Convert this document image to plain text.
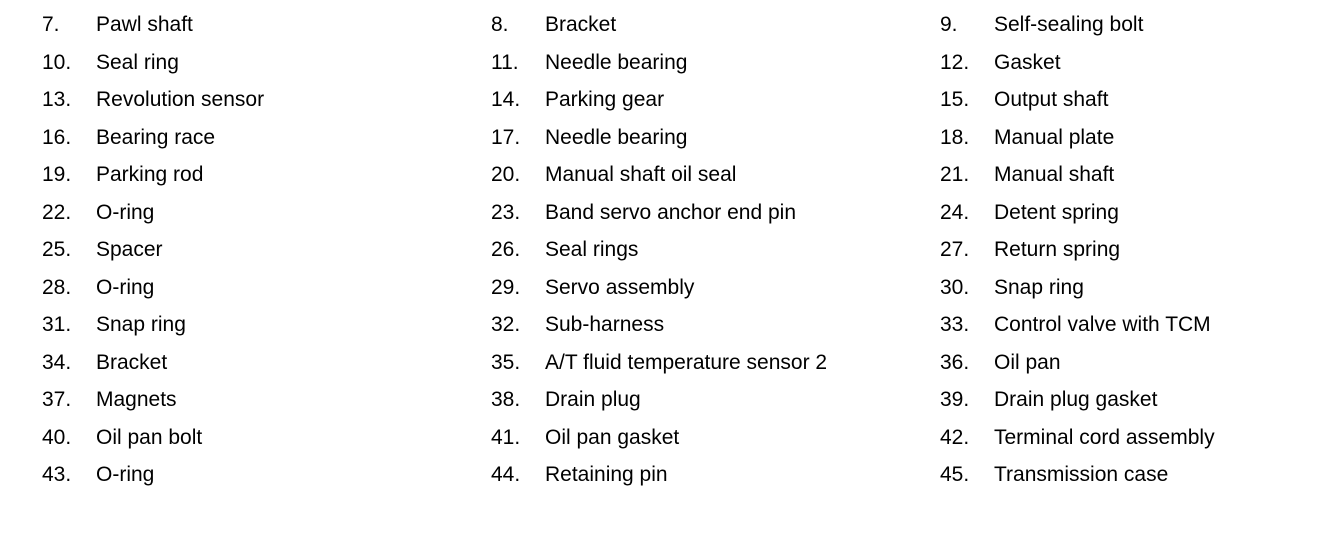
7. Pawl shaft	8. Bracket	9. Self-sealing bolt
10. Seal ring	11. Needle bearing	12. Gasket
13. Revolution sensor	14. Parking gear	15. Output shaft
16. Bearing race	17. Needle bearing	18. Manual plate
19. Parking rod	20. Manual shaft oil seal	21. Manual shaft
22. O-ring	23. Band servo anchor end pin	24. Detent spring
25. Spacer	26. Seal rings	27. Return spring
28. O-ring	29. Servo assembly	30. Snap ring
31. Snap ring	32. Sub-harness	33. Control valve with TCM
34. Bracket	35. A/T fluid temperature sensor 2	36. Oil pan
37. Magnets	38. Drain plug	39. Drain plug gasket
40. Oil pan bolt	41. Oil pan gasket	42. Terminal cord assembly
43. O-ring	44. Retaining pin	45. Transmission case
